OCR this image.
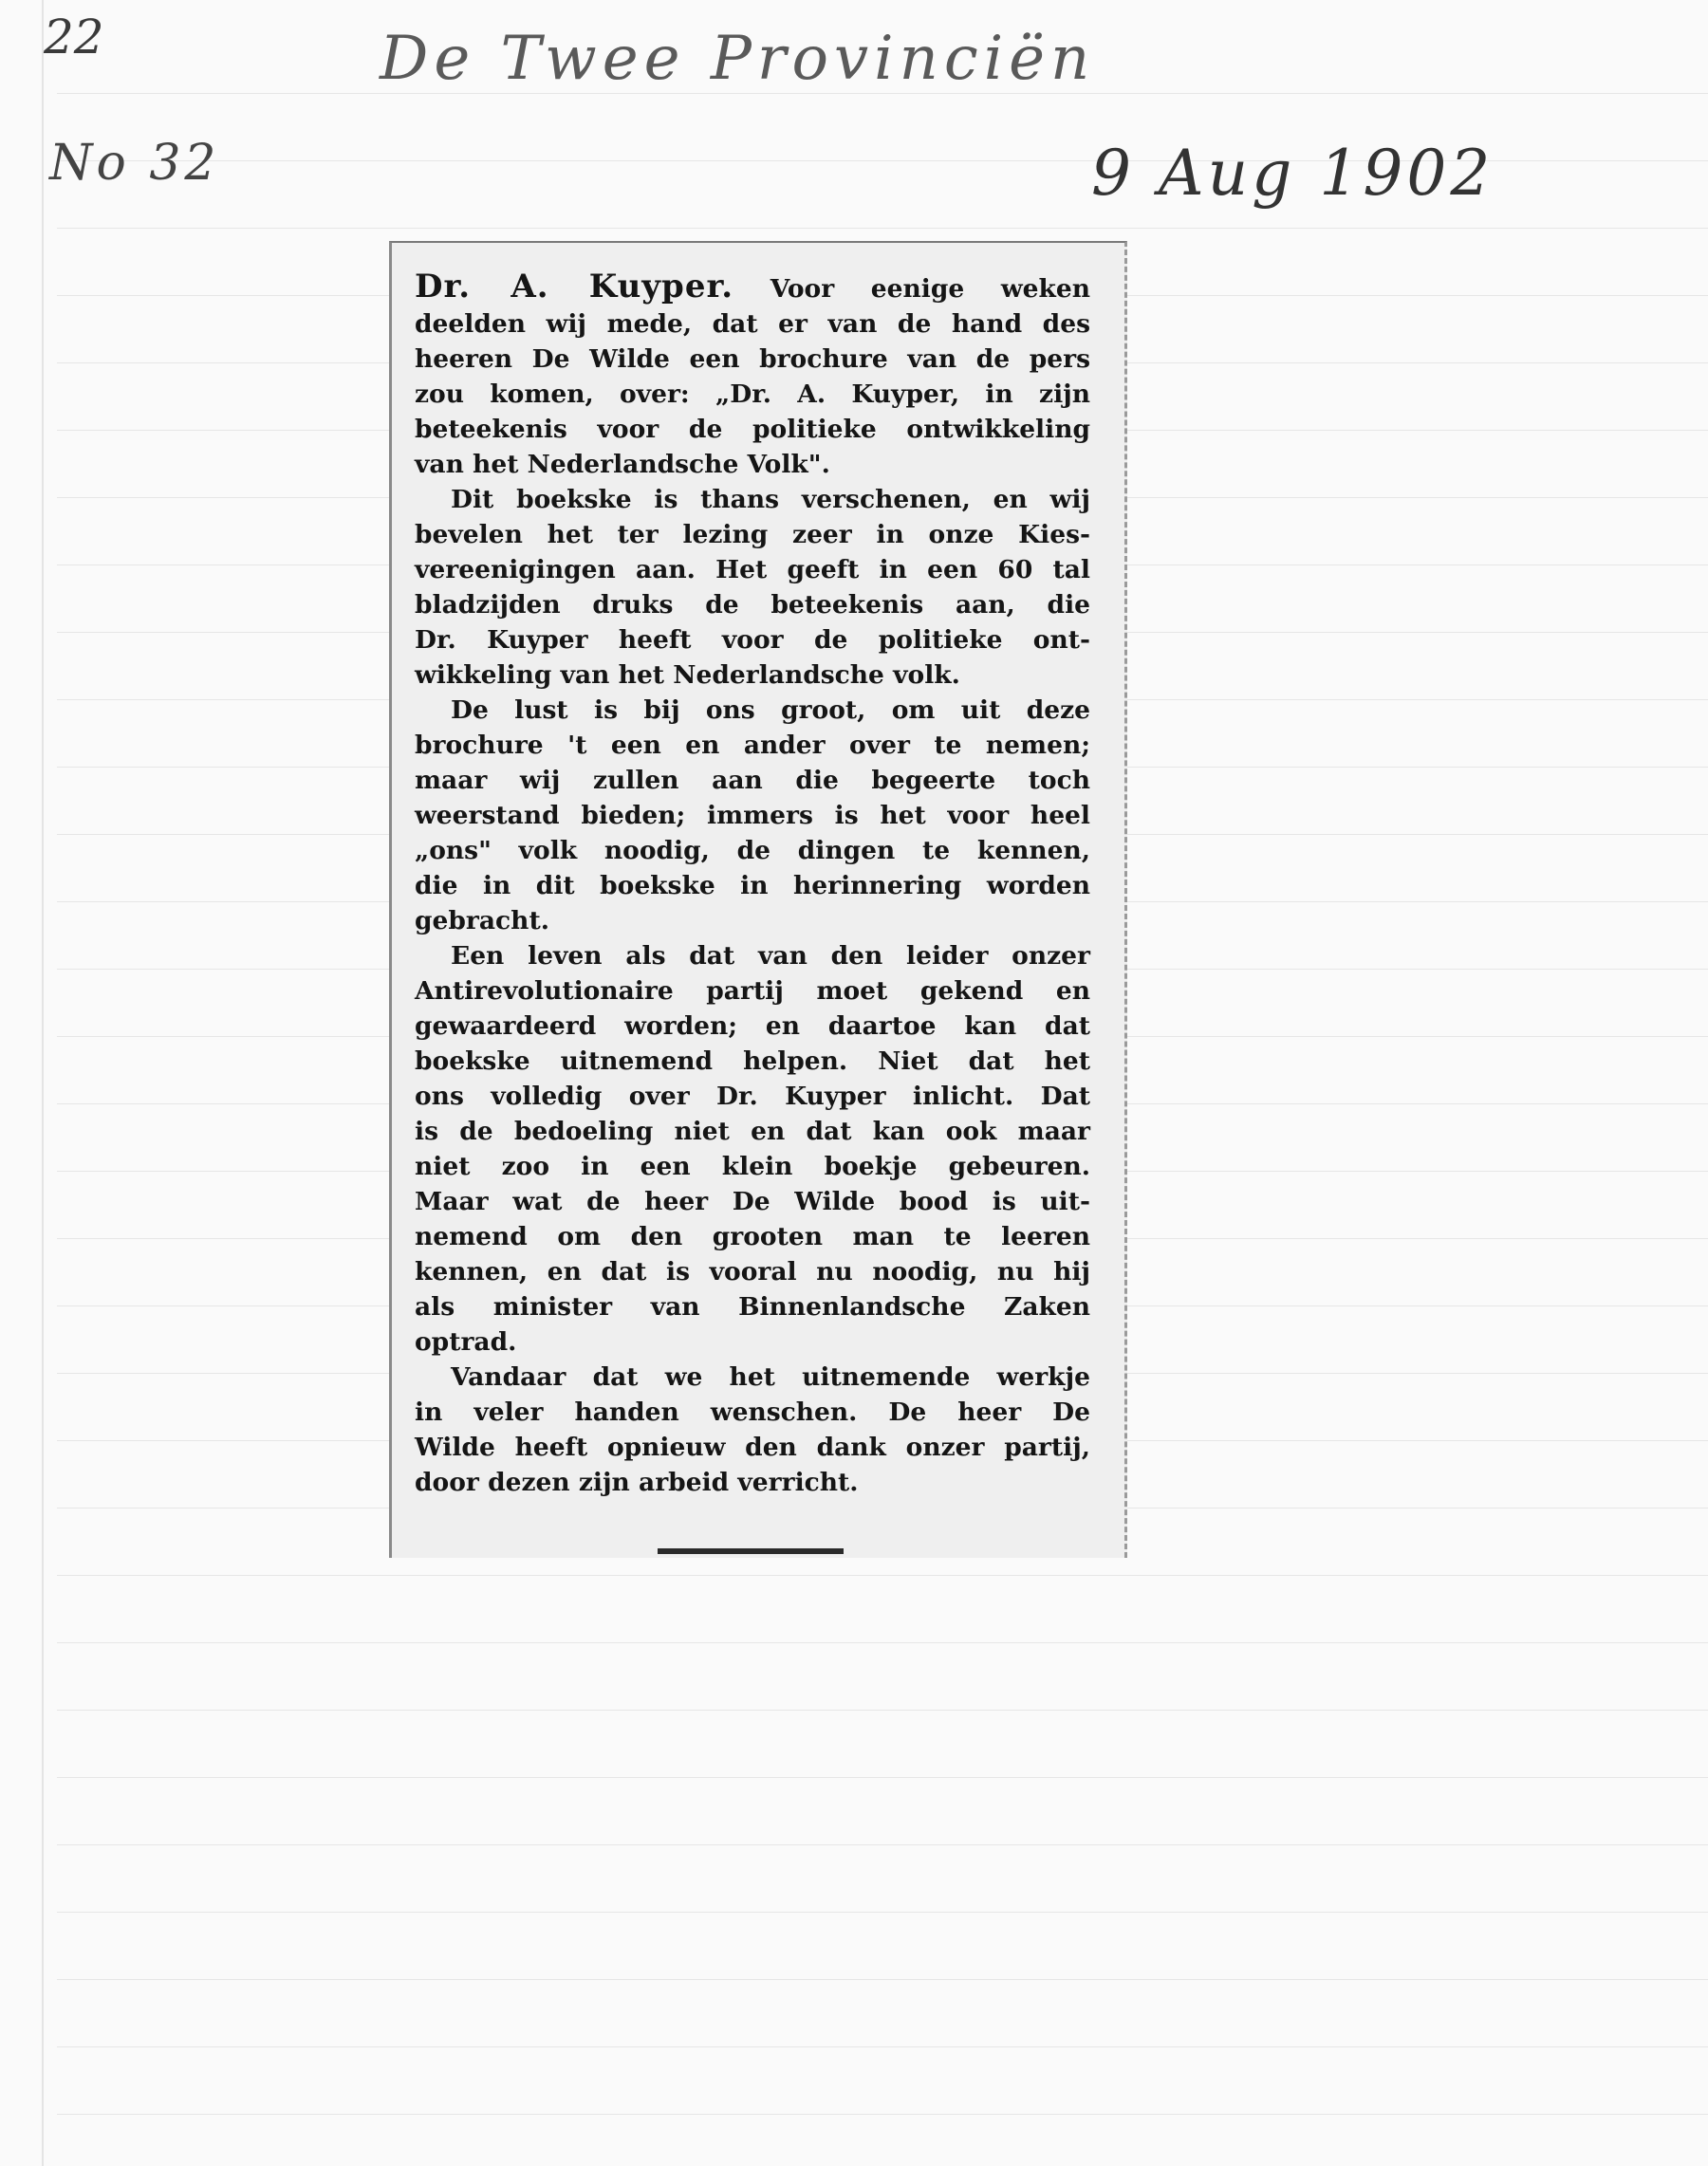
22	De Twee Provinciën
No 32	9 Aug 1902
Dr. A. Kuyper. Voor eenige weken
deelden wij mede, dat er van de hand des
heeren De Wilde een brochure van de pers
zou komen, over: „Dr. A. Kuyper, in zijn
beteekenis voor de politieke ontwikkeling
van het Nederlandsche Volk".
Dit boekske is thans verschenen, en wij
bevelen het ter lezing zeer in onze Kies-
vereenigingen aan. Het geeft in een 60 tal
bladzijden druks de beteekenis aan, die
Dr. Kuyper heeft voor de politieke ont-
wikkeling van het Nederlandsche volk.
De lust is bij ons groot, om uit deze
brochure 't een en ander over te nemen;
maar wij zullen aan die begeerte toch
weerstand bieden; immers is het voor heel
„ons" volk noodig, de dingen te kennen,
die in dit boekske in herinnering worden
gebracht.
Een leven als dat van den leider onzer
Antirevolutionaire partij moet gekend en
gewaardeerd worden; en daartoe kan dat
boekske uitnemend helpen. Niet dat het
ons volledig over Dr. Kuyper inlicht. Dat
is de bedoeling niet en dat kan ook maar
niet zoo in een klein boekje gebeuren.
Maar wat de heer De Wilde bood is uit-
nemend om den grooten man te leeren
kennen, en dat is vooral nu noodig, nu hij
als minister van Binnenlandsche Zaken
optrad.
Vandaar dat we het uitnemende werkje
in veler handen wenschen. De heer De
Wilde heeft opnieuw den dank onzer partij,
door dezen zijn arbeid verricht.
